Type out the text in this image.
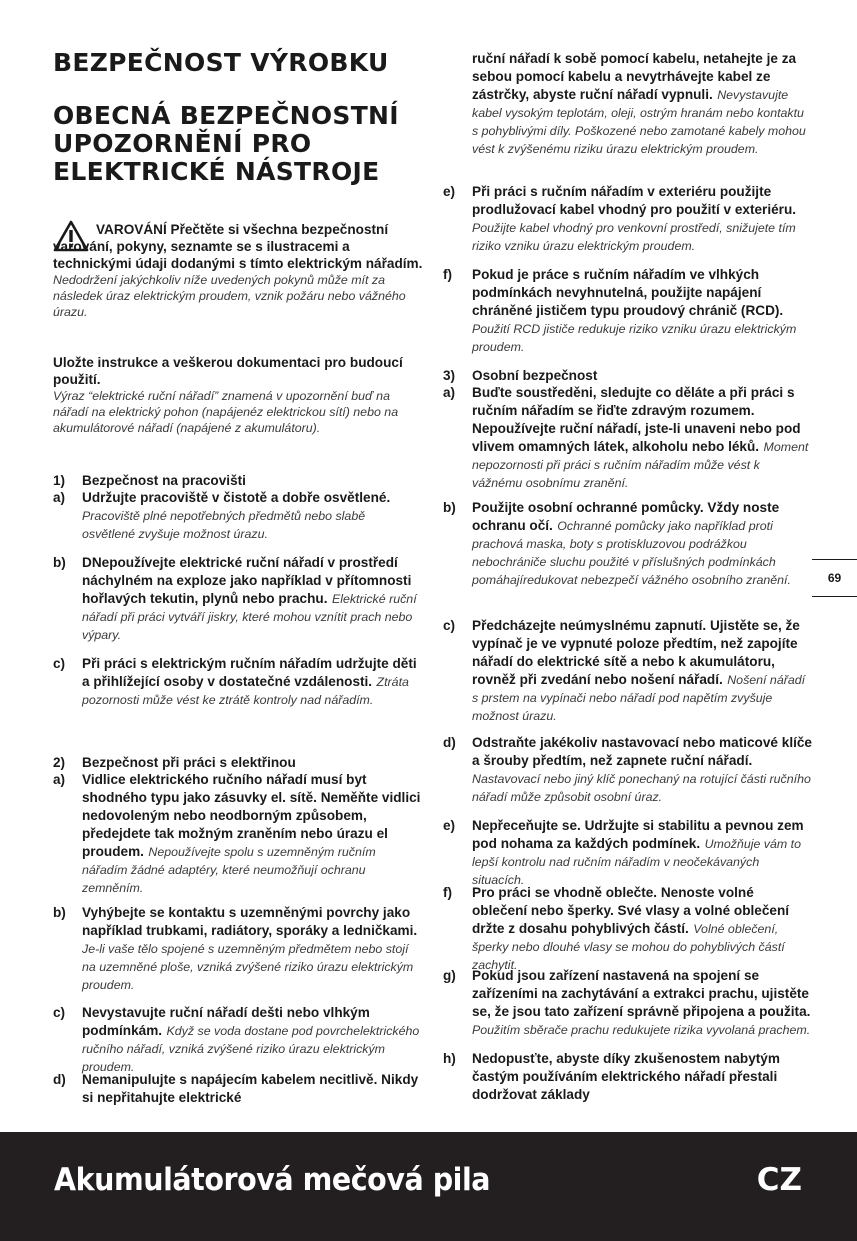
BEZPEČNOST VÝROBKU
OBECNÁ BEZPEČNOSTNÍ UPOZORNĚNÍ PRO ELEKTRICKÉ NÁSTROJE

VAROVÁNÍ Přečtěte si všechna bezpečnostní varování, pokyny, seznamte se s ilustracemi a technickými údaji dodanými s tímto elektrickým nářadím.

Nedodržení jakýchkoliv níže uvedených pokynů může mít za následek úraz elektrickým proudem, vznik požáru nebo vážného úrazu.

Uložte instrukce a veškerou dokumentaci pro budoucí použití.

Výraz “elektrické ruční nářadí” znamená v upozornění buď na nářadí na elektrický pohon (napájenéz elektrickou sítí) nebo na akumulátorové nářadí (napájené z akumulátoru).

1) Bezpečnost na pracovišti
a) Udržujte pracoviště v čistotě a dobře osvětlené. Pracoviště plné nepotřebných předmětů nebo slabě osvětlené zvyšuje možnost úrazu.
b) DNepoužívejte elektrické ruční nářadí v prostředí náchylném na exploze jako například v přítomnosti hořlavých tekutin, plynů nebo prachu. Elektrické ruční nářadí při práci vytváří jiskry, které mohou vznítit prach nebo výpary.
c) Při práci s elektrickým ručním nářadím udržujte děti a přihlížející osoby v dostatečné vzdálenosti. Ztráta pozornosti může vést ke ztrátě kontroly nad nářadím.
2) Bezpečnost při práci s elektřinou
a) Vidlice elektrického ručního nářadí musí byt shodného typu jako zásuvky el. sítě. Neměňte vidlici nedovoleným nebo neodborným způsobem, předejdete tak možným zraněním nebo úrazu el proudem. Nepoužívejte spolu s uzemněným ručním nářadím žádné adaptéry, které neumožňují ochranu zemněním.
b) Vyhýbejte se kontaktu s uzemněnými povrchy jako například trubkami, radiátory, sporáky a ledničkami. Je-li vaše tělo spojené s uzemněným předmětem nebo stojí na uzemněné ploše, vzniká zvýšené riziko úrazu elektrickým proudem.
c) Nevystavujte ruční nářadí dešti nebo vlhkým podmínkám. Když se voda dostane pod povrchelektrického ručního nářadí, vzniká zvýšené riziko úrazu elektrickým proudem.
d) Nemanipulujte s napájecím kabelem necitlivě. Nikdy si nepřitahujte elektrické
ruční nářadí k sobě pomocí kabelu, netahejte je za sebou pomocí kabelu a nevytrhávejte kabel ze zástrčky, abyste ruční nářadí vypnuli. Nevystavujte kabel vysokým teplotám, oleji, ostrým hranám nebo kontaktu s pohyblivými díly. Poškozené nebo zamotané kabely mohou vést k zvýšenému riziku úrazu elektrickým proudem.
e) Při práci s ručním nářadím v exteriéru použijte prodlužovací kabel vhodný pro použití v exteriéru. Použijte kabel vhodný pro venkovní prostředí, snižujete tím riziko vzniku úrazu elektrickým proudem.
f) Pokud je práce s ručním nářadím ve vlhkých podmínkách nevyhnutelná, použijte napájení chráněné jističem typu proudový chránič (RCD). Použití RCD jističe redukuje riziko vzniku úrazu elektrickým proudem.
3) Osobní bezpečnost
a) Buďte soustředěni, sledujte co děláte a při práci s ručním nářadím se řiďte zdravým rozumem. Nepoužívejte ruční nářadí, jste-li unaveni nebo pod vlivem omamných látek, alkoholu nebo léků. Moment nepozornosti při práci s ručním nářadím může vést k vážnému osobnímu zranění.
b) Použijte osobní ochranné pomůcky. Vždy noste ochranu očí. Ochranné pomůcky jako například proti prachová maska, boty s protiskluzovou podrážkou nebochrániče sluchu použité v příslušných podmínkách pomáhajíredukovat nebezpečí vážného osobního zranění.
c) Předcházejte neúmyslnému zapnutí. Ujistěte se, že vypínač je ve vypnuté poloze předtím, než zapojíte nářadí do elektrické sítě a nebo k akumulátoru, rovněž při zvedání nebo nošení nářadí. Nošení nářadí s prstem na vypínači nebo nářadí pod napětím zvyšuje možnost úrazu.
d) Odstraňte jakékoliv nastavovací nebo maticové klíče a šrouby předtím, než zapnete ruční nářadí. Nastavovací nebo jiný klíč ponechaný na rotující části ručního nářadí může způsobit osobní úraz.
e) Nepřeceňujte se. Udržujte si stabilitu a pevnou zem pod nohama za každých podmínek. Umožňuje vám to lepší kontrolu nad ručním nářadím v neočekávaných situacích.
f) Pro práci se vhodně oblečte. Nenoste volné oblečení nebo šperky. Své vlasy a volné oblečení držte z dosahu pohyblivých částí. Volné oblečení, šperky nebo dlouhé vlasy se mohou do pohyblivých částí zachytit.
g) Pokud jsou zařízení nastavená na spojení se zařízeními na zachytávání a extrakci prachu, ujistěte se, že jsou tato zařízení správně připojena a použita. Použitím sběrače prachu redukujete rizika vyvolaná prachem.
h) Nedopusťte, abyste díky zkušenostem nabytým častým používáním elektrického nářadí přestali dodržovat základy
69
Akumulátorová mečová pila	CZ
